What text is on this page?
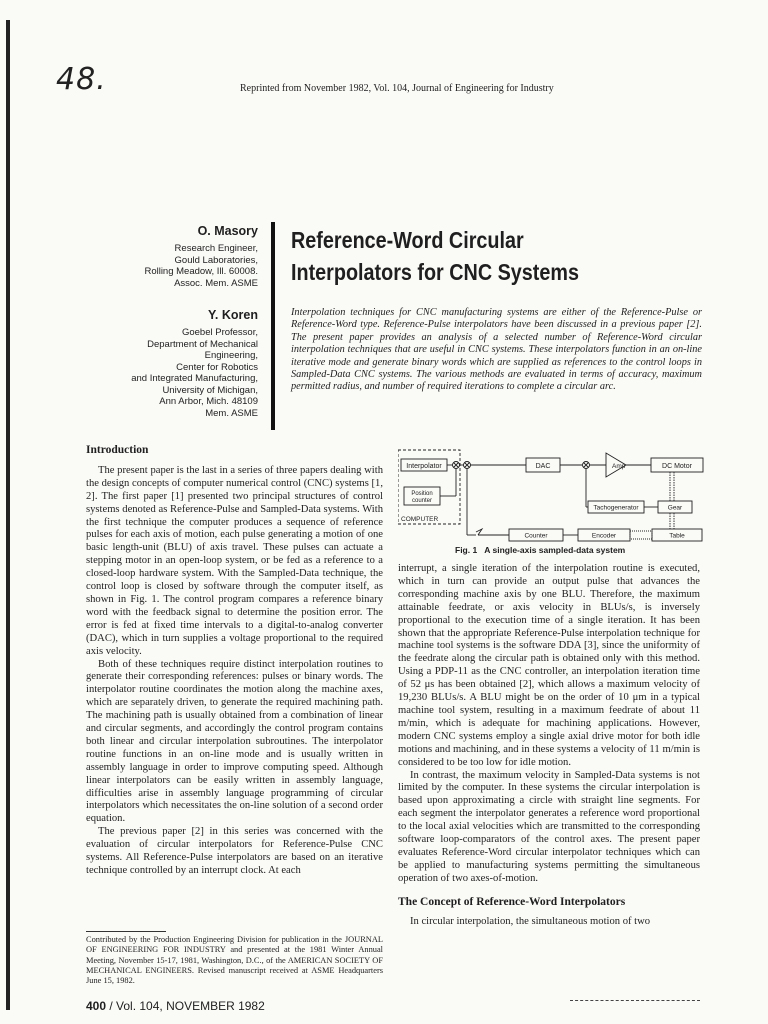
48.	Reprinted from November 1982, Vol. 104, Journal of Engineering for Industry
O. Masory
Research Engineer,
Gould Laboratories,
Rolling Meadow, Ill. 60008.
Assoc. Mem. ASME
Y. Koren
Goebel Professor,
Department of Mechanical
Engineering,
Center for Robotics
and Integrated Manufacturing,
University of Michigan,
Ann Arbor, Mich. 48109
Mem. ASME
Reference-Word Circular
Interpolators for CNC Systems
Interpolation techniques for CNC manufacturing systems are either of the Reference-Pulse or Reference-Word type. Reference-Pulse interpolators have been discussed in a previous paper [2]. The present paper provides an analysis of a selected number of Reference-Word circular interpolation techniques that are useful in CNC systems. These interpolators function in an on-line iterative mode and generate binary words which are supplied as references to the control loops in Sampled-Data CNC systems. The various methods are evaluated in terms of accuracy, maximum permitted radius, and number of required iterations to complete a circular arc.
Introduction

The present paper is the last in a series of three papers dealing with the design concepts of computer numerical control (CNC) systems [1, 2]. The first paper [1] presented two principal structures of control systems denoted as Reference-Pulse and Sampled-Data systems. With the first technique the computer produces a sequence of reference pulses for each axis of motion, each pulse generating a motion of one basic length-unit (BLU) of axis travel. These pulses can actuate a stepping motor in an open-loop system, or be fed as a reference to a closed-loop hardware system. With the Sampled-Data technique, the control loop is closed by software through the computer itself, as shown in Fig. 1. The control program compares a reference binary word with the feedback signal to determine the position error. The error is fed at fixed time intervals to a digital-to-analog converter (DAC), which in turn supplies a voltage proportional to the required axis velocity.

Both of these techniques require distinct interpolation routines to generate their corresponding references: pulses or binary words. The interpolator routine coordinates the motion along the machine axes, which are separately driven, to generate the required machining path. The machining path is usually obtained from a combination of linear and circular segments, and accordingly the control program contains both linear and circular interpolation subroutines. The interpolator routine functions in an on-line mode and is usually written in assembly language in order to improve computing speed. Although linear interpolators can be easily written in assembly language, difficulties arise in assembly language programming of circular interpolators which necessitates the on-line solution of a second order equation.

The previous paper [2] in this series was concerned with the evaluation of circular interpolators for Reference-Pulse CNC systems. All Reference-Pulse interpolators are based on an iterative technique controlled by an interrupt clock. At each

Contributed by the Production Engineering Division for publication in the JOURNAL OF ENGINEERING FOR INDUSTRY and presented at the 1981 Winter Annual Meeting, November 15-17, 1981, Washington, D.C., of the AMERICAN SOCIETY OF MECHANICAL ENGINEERS. Revised manuscript received at ASME Headquarters June 15, 1982.
400 / Vol. 104, NOVEMBER 1982
Interpolator
Position
counter
COMPUTER
DAC	Amp	DC Motor
Tachogenerator	Gear
Counter	Encoder	Table
Fig. 1 A single-axis sampled-data system

interrupt, a single iteration of the interpolation routine is executed, which in turn can provide an output pulse that advances the corresponding machine axis by one BLU. Therefore, the maximum attainable feedrate, or axis velocity in BLUs/s, is inversely proportional to the execution time of a single iteration. It has been shown that the appropriate Reference-Pulse interpolation technique for machine tool systems is the software DDA [3], since the uniformity of the feedrate along the circular path is obtained only with this method. Using a PDP-11 as the CNC controller, an interpolation iteration time of 52 μs has been obtained [2], which allows a maximum velocity of 19,230 BLUs/s. A BLU might be on the order of 10 μm in a typical machine tool system, resulting in a maximum feedrate of about 11 m/min, which is adequate for machining applications. However, modern CNC systems employ a single axial drive motor for both idle motions and machining, and in these systems a velocity of 11 m/min is considered to be too low for idle motion.

In contrast, the maximum velocity in Sampled-Data systems is not limited by the computer. In these systems the circular interpolation is based upon approximating a circle with straight line segments. For each segment the interpolator generates a reference word proportional to the local axial velocities which are transmitted to the corresponding software loop-comparators of the control axes. The present paper evaluates Reference-Word circular interpolator techniques which can be applied to manufacturing systems permitting the simultaneous operation of two axes-of-motion.

The Concept of Reference-Word Interpolators

In circular interpolation, the simultaneous motion of two
